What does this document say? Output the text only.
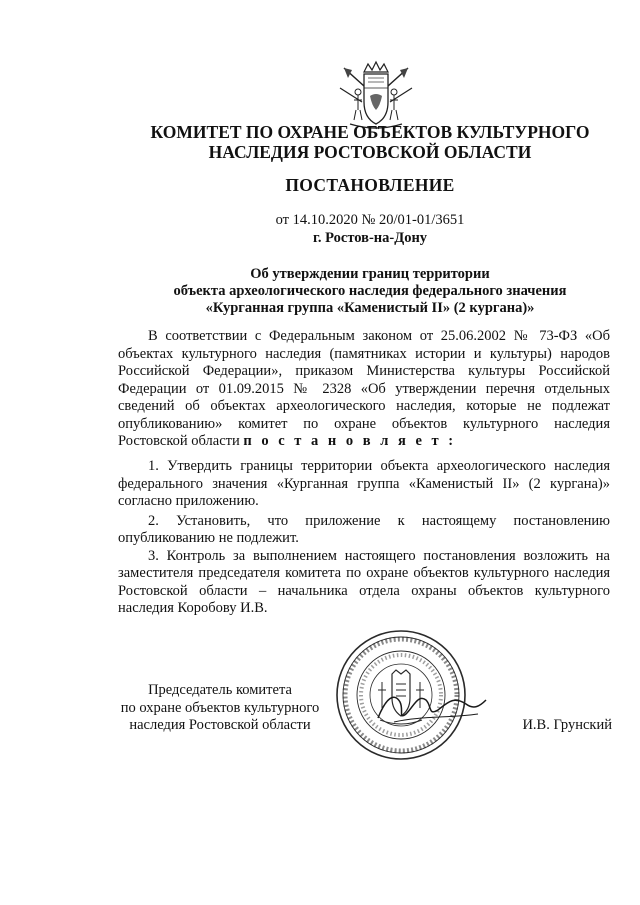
КОМИТЕТ ПО ОХРАНЕ ОБЪЕКТОВ КУЛЬТУРНОГО
НАСЛЕДИЯ РОСТОВСКОЙ ОБЛАСТИ
ПОСТАНОВЛЕНИЕ
от 14.10.2020 № 20/01-01/3651
г. Ростов-на-Дону
Об утверждении границ территории
объекта археологического наследия федерального значения
«Курганная группа «Каменистый II» (2 кургана)»

В соответствии с Федеральным законом от 25.06.2002 № 73-ФЗ «Об объектах культурного наследия (памятниках истории и культуры) народов Российской Федерации», приказом Министерства культуры Российской Федерации от 01.09.2015 № 2328 «Об утверждении перечня отдельных сведений об объектах археологического наследия, которые не подлежат опубликованию» комитет по охране объектов культурного наследия Ростовской области п о с т а н о в л я е т :

1. Утвердить границы территории объекта археологического наследия федерального значения «Курганная группа «Каменистый II» (2 кургана)» согласно приложению.

2. Установить, что приложение к настоящему постановлению опубликованию не подлежит.

3. Контроль за выполнением настоящего постановления возложить на заместителя председателя комитета по охране объектов культурного наследия Ростовской области – начальника отдела охраны объектов культурного наследия Коробову И.В.

Председатель комитета
по охране объектов культурного
наследия Ростовской области	И.В. Грунский
